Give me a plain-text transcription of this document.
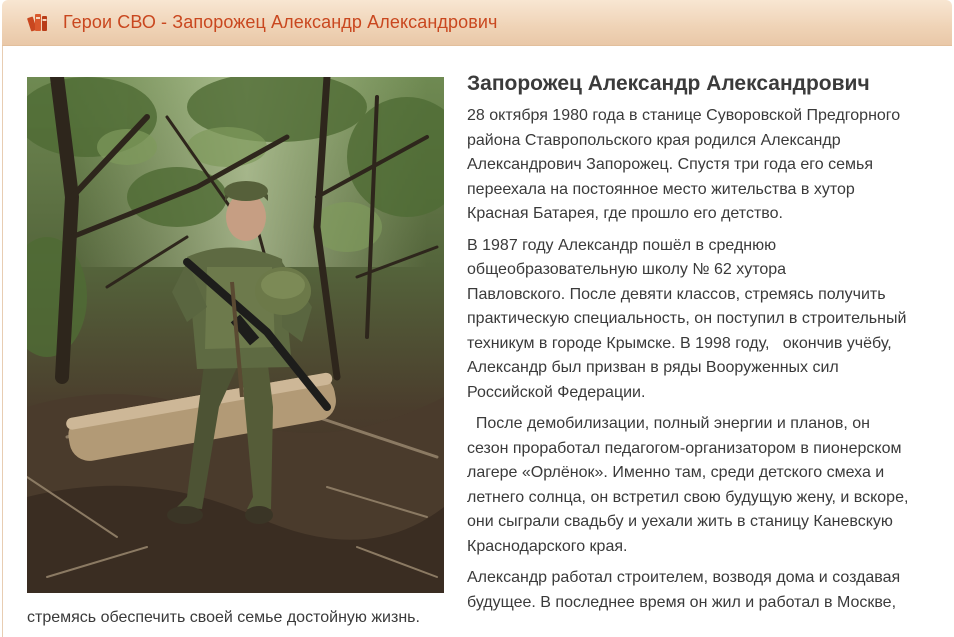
Герои СВО - Запорожец Александр Александрович
Запорожец Александр Александрович
28 октября 1980 года в станице Суворовской Предгорного
района Ставропольского края родился Александр
Александрович Запорожец. Спустя три года его семья
переехала на постоянное место жительства в хутор
Красная Батарея, где прошло его детство.
В 1987 году Александр пошёл в среднюю
общеобразовательную школу № 62 хутора
Павловского. После девяти классов, стремясь получить
практическую специальность, он поступил в строительный
техникум в городе Крымске. В 1998 году,   окончив учёбу,
Александр был призван в ряды Вооруженных сил
Российской Федерации.
После демобилизации, полный энергии и планов, он
сезон проработал педагогом-организатором в пионерском
лагере «Орлёнок». Именно там, среди детского смеха и
летнего солнца, он встретил свою будущую жену, и вскоре,
они сыграли свадьбу и уехали жить в станицу Каневскую
Краснодарского края.
Александр работал строителем, возводя дома и создавая
будущее. В последнее время он жил и работал в Москве,
стремясь обеспечить своей семье достойную жизнь.
